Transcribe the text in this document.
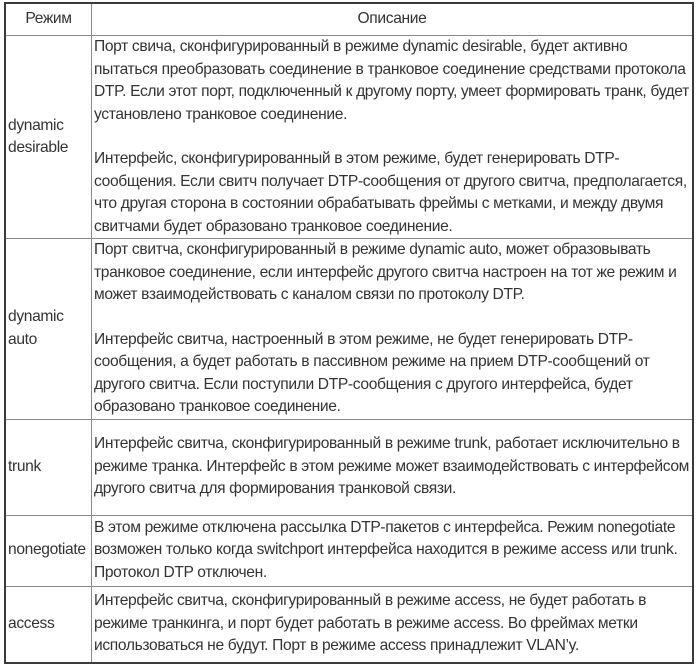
Режим	Описание
dynamic desirable	Порт свича, сконфигурированный в режиме dynamic desirable, будет активно пытаться преобразовать соединение в транковое соединение средствами протокола DTP. Если этот порт, подключенный к другому порту, умеет формировать транк, будет установлено транковое соединение.

Интерфейс, сконфигурированный в этом режиме, будет генерировать DTP-сообщения. Если свитч получает DTP-сообщения от другого свитча, предполагается, что другая сторона в состоянии обрабатывать фреймы с метками, и между двумя свитчами будет образовано транковое соединение.

dynamic auto	Порт свитча, сконфигурированный в режиме dynamic auto, может образовывать транковое соединение, если интерфейс другого свитча настроен на тот же режим и может взаимодействовать с каналом связи по протоколу DTP.

Интерфейс свитча, настроенный в этом режиме, не будет генерировать DTP-сообщения, а будет работать в пассивном режиме на прием DTP-сообщений от другого свитча. Если поступили DTP-сообщения с другого интерфейса, будет образовано транковое соединение.

trunk	Интерфейс свитча, сконфигурированный в режиме trunk, работает исключительно в режиме транка. Интерфейс в этом режиме может взаимодействовать с интерфейсом другого свитча для формирования транковой связи.

nonegotiate	В этом режиме отключена рассылка DTP-пакетов с интерфейса. Режим nonegotiate возможен только когда switchport интерфейса находится в режиме access или trunk. Протокол DTP отключен.

access	Интерфейс свитча, сконфигурированный в режиме access, не будет работать в режиме транкинга, и порт будет работать в режиме access. Во фреймах метки использоваться не будут. Порт в режиме access принадлежит VLAN’y.
